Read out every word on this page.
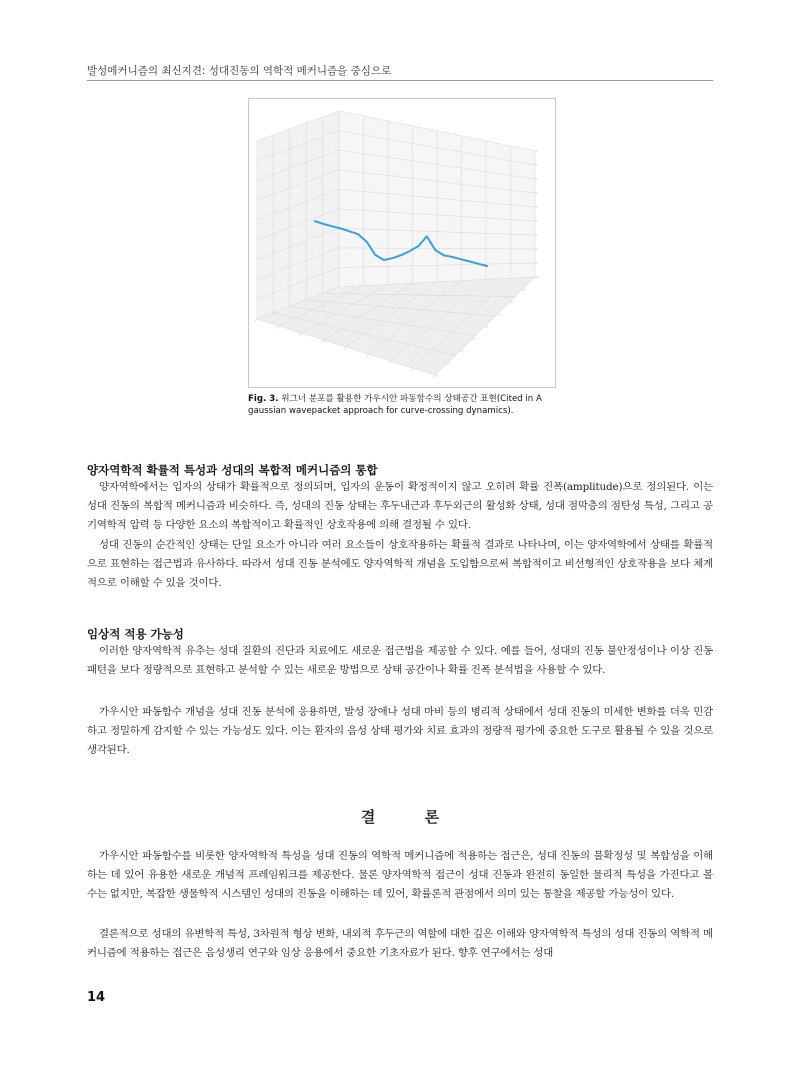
발성메커니즘의 최신지견: 성대진동의 역학적 메커니즘을 중심으로
Fig. 3. 위그너 분포를 활용한 가우시안 파동함수의 상태공간 표현(Cited in A gaussian wavepacket approach for curve-crossing dynamics).
양자역학적 확률적 특성과 성대의 복합적 메커니즘의 통합

양자역학에서는 입자의 상태가 확률적으로 정의되며, 입자의 운동이 확정적이지 않고 오히려 확률 진폭(amplitude)으로 정의된다. 이는 성대 진동의 복합적 메커니즘과 비슷하다. 즉, 성대의 진동 상태는 후두내근과 후두외근의 활성화 상태, 성대 점막층의 점탄성 특성, 그리고 공기역학적 압력 등 다양한 요소의 복합적이고 확률적인 상호작용에 의해 결정될 수 있다.

성대 진동의 순간적인 상태는 단일 요소가 아니라 여러 요소들이 상호작용하는 확률적 결과로 나타나며, 이는 양자역학에서 상태를 확률적으로 표현하는 접근법과 유사하다. 따라서 성대 진동 분석에도 양자역학적 개념을 도입함으로써 복합적이고 비선형적인 상호작용을 보다 체계적으로 이해할 수 있을 것이다.

임상적 적용 가능성

이러한 양자역학적 유추는 성대 질환의 진단과 치료에도 새로운 접근법을 제공할 수 있다. 예를 들어, 성대의 진동 불안정성이나 이상 진동 패턴을 보다 정량적으로 표현하고 분석할 수 있는 새로운 방법으로 상태 공간이나 확률 진폭 분석법을 사용할 수 있다.

가우시안 파동함수 개념을 성대 진동 분석에 응용하면, 발성 장애나 성대 마비 등의 병리적 상태에서 성대 진동의 미세한 변화를 더욱 민감하고 정밀하게 감지할 수 있는 가능성도 있다. 이는 환자의 음성 상태 평가와 치료 효과의 정량적 평가에 중요한 도구로 활용될 수 있을 것으로 생각된다.

결 론

가우시안 파동함수를 비롯한 양자역학적 특성을 성대 진동의 역학적 메커니즘에 적용하는 접근은, 성대 진동의 불확정성 및 복합성을 이해하는 데 있어 유용한 새로운 개념적 프레임워크를 제공한다. 물론 양자역학적 접근이 성대 진동과 완전히 동일한 물리적 특성을 가진다고 볼 수는 없지만, 복잡한 생물학적 시스템인 성대의 진동을 이해하는 데 있어, 확률론적 관점에서 의미 있는 통찰을 제공할 가능성이 있다.

결론적으로 성대의 유변학적 특성, 3차원적 형상 변화, 내외적 후두근의 역할에 대한 깊은 이해와 양자역학적 특성의 성대 진동의 역학적 메커니즘에 적용하는 접근은 음성생리 연구와 임상 응용에서 중요한 기초자료가 된다. 향후 연구에서는 성대

14
